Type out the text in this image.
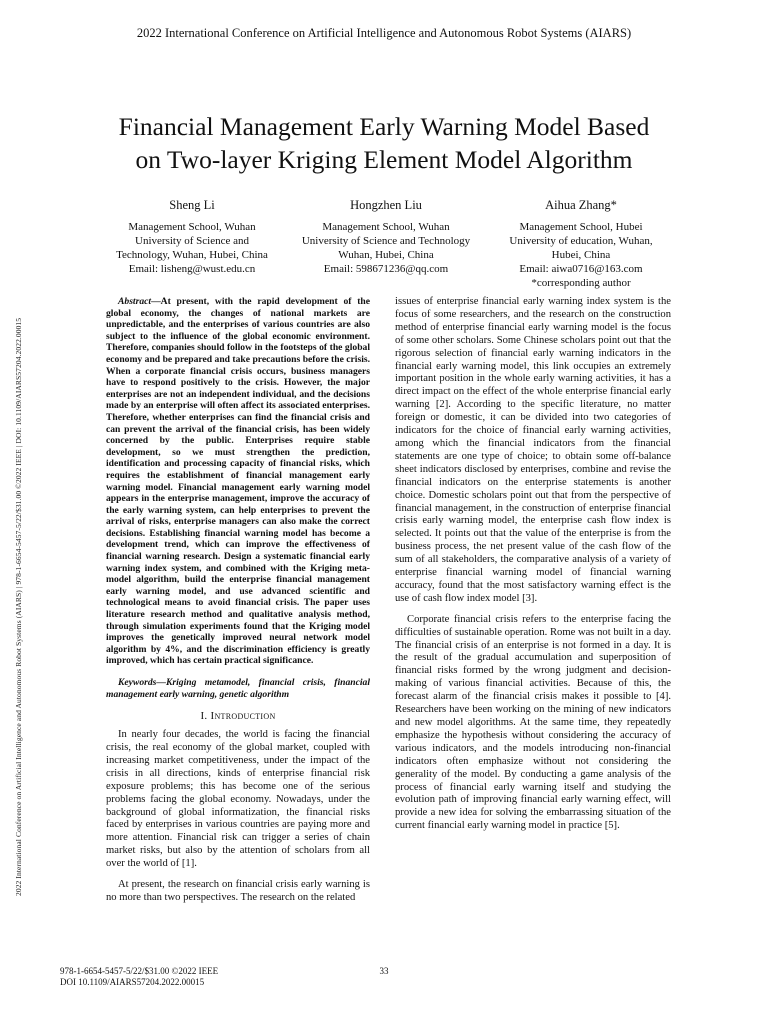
2022 International Conference on Artificial Intelligence and Autonomous Robot Systems (AIARS)
2022 International Conference on Artificial Intelligence and Autonomous Robot Systems (AIARS) | 978-1-6654-5457-5/22/$31.00 ©2022 IEEE | DOI: 10.1109/AIARS57204.2022.00015
Financial Management Early Warning Model Based
on Two-layer Kriging Element Model Algorithm
Sheng Li
Management School, Wuhan
University of Science and
Technology, Wuhan, Hubei, China
Email: lisheng@wust.edu.cn
Hongzhen Liu
Management School, Wuhan
University of Science and Technology
Wuhan, Hubei, China
Email: 598671236@qq.com
Aihua Zhang*
Management School, Hubei
University of education, Wuhan,
Hubei, China
Email: aiwa0716@163.com
*corresponding author

Abstract—At present, with the rapid development of the global economy, the changes of national markets are unpredictable, and the enterprises of various countries are also subject to the influence of the global economic environment. Therefore, companies should follow in the footsteps of the global economy and be prepared and take precautions before the crisis. When a corporate financial crisis occurs, business managers have to respond positively to the crisis. However, the major enterprises are not an independent individual, and the decisions made by an enterprise will often affect its associated enterprises. Therefore, whether enterprises can find the financial crisis and can prevent the arrival of the financial crisis, has been widely concerned by the public. Enterprises require stable development, so we must strengthen the prediction, identification and processing capacity of financial risks, which requires the establishment of financial management early warning model. Financial management early warning model appears in the enterprise management, improve the accuracy of the early warning system, can help enterprises to prevent the arrival of risks, enterprise managers can also make the correct decisions. Establishing financial warning model has become a development trend, which can improve the effectiveness of financial warning research. Design a systematic financial early warning index system, and combined with the Kriging meta-model algorithm, build the enterprise financial management early warning model, and use advanced scientific and technological means to avoid financial crisis. The paper uses literature research method and qualitative analysis method, through simulation experiments found that the Kriging model improves the genetically improved neural network model algorithm by 4%, and the discrimination efficiency is greatly improved, which has certain practical significance.

Keywords—Kriging metamodel, financial crisis, financial management early warning, genetic algorithm

I. Introduction

In nearly four decades, the world is facing the financial crisis, the real economy of the global market, coupled with increasing market competitiveness, under the impact of the crisis in all directions, kinds of enterprise financial risk exposure problems; this has become one of the serious problems facing the global economy. Nowadays, under the background of global informatization, the financial risks faced by enterprises in various countries are paying more and more attention. Financial risk can trigger a series of chain market risks, but also by the attention of scholars from all over the world of [1].

At present, the research on financial crisis early warning is no more than two perspectives. The research on the related

issues of enterprise financial early warning index system is the focus of some researchers, and the research on the construction method of enterprise financial early warning model is the focus of some other scholars. Some Chinese scholars point out that the rigorous selection of financial early warning indicators in the financial early warning model, this link occupies an extremely important position in the whole early warning activities, it has a direct impact on the effect of the whole enterprise financial early warning [2]. According to the specific literature, no matter foreign or domestic, it can be divided into two categories of indicators for the choice of financial early warning activities, among which the financial indicators from the financial statements are one type of choice; to obtain some off-balance sheet indicators disclosed by enterprises, combine and revise the financial indicators on the enterprise statements is another choice. Domestic scholars point out that from the perspective of financial management, in the construction of enterprise financial crisis early warning model, the enterprise cash flow index is selected. It points out that the value of the enterprise is from the business process, the net present value of the cash flow of the sum of all stakeholders, the comparative analysis of a variety of enterprise financial warning model of financial warning accuracy, found that the most satisfactory warning effect is the use of cash flow index model [3].

Corporate financial crisis refers to the enterprise facing the difficulties of sustainable operation. Rome was not built in a day. The financial crisis of an enterprise is not formed in a day. It is the result of the gradual accumulation and superposition of financial risks formed by the wrong judgment and decision-making of various financial activities. Because of this, the forecast alarm of the financial crisis makes it possible to [4]. Researchers have been working on the mining of new indicators and new model algorithms. At the same time, they repeatedly emphasize the hypothesis without considering the accuracy of various indicators, and the models introducing non-financial indicators often emphasize without not considering the generality of the model. By conducting a game analysis of the process of financial early warning itself and studying the evolution path of improving financial early warning effect, will provide a new idea for solving the embarrassing situation of the current financial early warning model in practice [5].

978-1-6654-5457-5/22/$31.00 ©2022 IEEE
DOI 10.1109/AIARS57204.2022.00015
33
